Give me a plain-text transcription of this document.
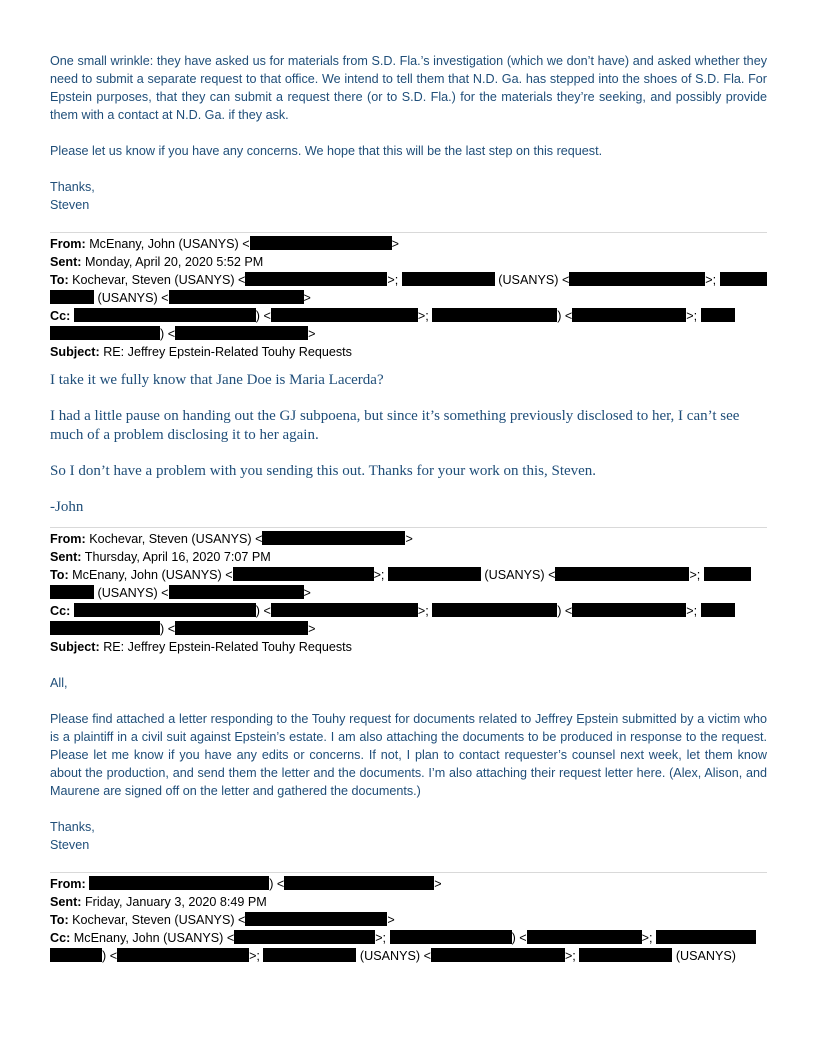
One small wrinkle: they have asked us for materials from S.D. Fla.’s investigation (which we don’t have) and asked whether they need to submit a separate request to that office. We intend to tell them that N.D. Ga. has stepped into the shoes of S.D. Fla. For Epstein purposes, that they can submit a request there (or to S.D. Fla.) for the materials they’re seeking, and possibly provide them with a contact at N.D. Ga. if they ask.

Please let us know if you have any concerns. We hope that this will be the last step on this request.

Thanks,

Steven

From: McEnany, John (USANYS) <	>
Sent: Monday, April 20, 2020 5:52 PM
To: Kochevar, Steven (USANYS) <	>;	(USANYS) <	>;
(USANYS) <	>
Cc:	) <	>;	) <	>;
) <	>
Subject: RE: Jeffrey Epstein-Related Touhy Requests

I take it we fully know that Jane Doe is Maria Lacerda?

I had a little pause on handing out the GJ subpoena, but since it’s something previously disclosed to her, I can’t see much of a problem disclosing it to her again.

So I don’t have a problem with you sending this out. Thanks for your work on this, Steven.

-John

From: Kochevar, Steven (USANYS) <	>
Sent: Thursday, April 16, 2020 7:07 PM
To: McEnany, John (USANYS) <	>;	(USANYS) <	>;
(USANYS) <	>
Cc:	) <	>;	) <	>;
) <	>
Subject: RE: Jeffrey Epstein-Related Touhy Requests

All,

Please find attached a letter responding to the Touhy request for documents related to Jeffrey Epstein submitted by a victim who is a plaintiff in a civil suit against Epstein’s estate. I am also attaching the documents to be produced in response to the request. Please let me know if you have any edits or concerns. If not, I plan to contact requester’s counsel next week, let them know about the production, and send them the letter and the documents. I’m also attaching their request letter here. (Alex, Alison, and Maurene are signed off on the letter and gathered the documents.)

Thanks,

Steven

From:	) <	>
Sent: Friday, January 3, 2020 8:49 PM
To: Kochevar, Steven (USANYS) <	>
Cc: McEnany, John (USANYS) <	>;	) <	>;
) <	>;	(USANYS) <	>;	(USANYS)
